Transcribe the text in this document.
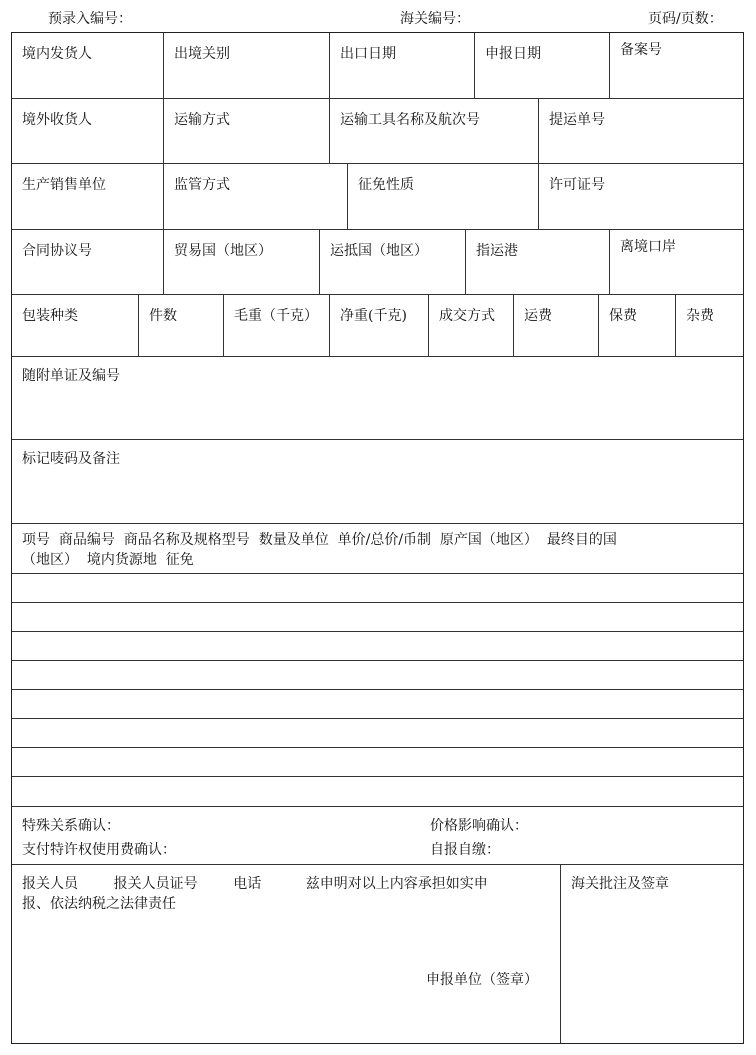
预录入编号：	海关编号：	页码/页数：
境内发货人	出境关别	出口日期	申报日期	备案号
境外收货人	运输方式	运输工具名称及航次号	提运单号
生产销售单位	监管方式	征免性质	许可证号
合同协议号	贸易国（地区）	运抵国（地区）	指运港	离境口岸
包装种类	件数	毛重（千克）	净重(千克)	成交方式	运费	保费	杂费
随附单证及编号
标记唛码及备注
项号  商品编号  商品名称及规格型号  数量及单位  单价/总价/币制  原产国（地区）  最终目的国
（地区）  境内货源地  征免
特殊关系确认：	价格影响确认：
支付特许权使用费确认：	自报自缴：
报关人员        报关人员证号        电话          兹申明对以上内容承担如实申
报、依法纳税之法律责任
申报单位（签章）
海关批注及签章
